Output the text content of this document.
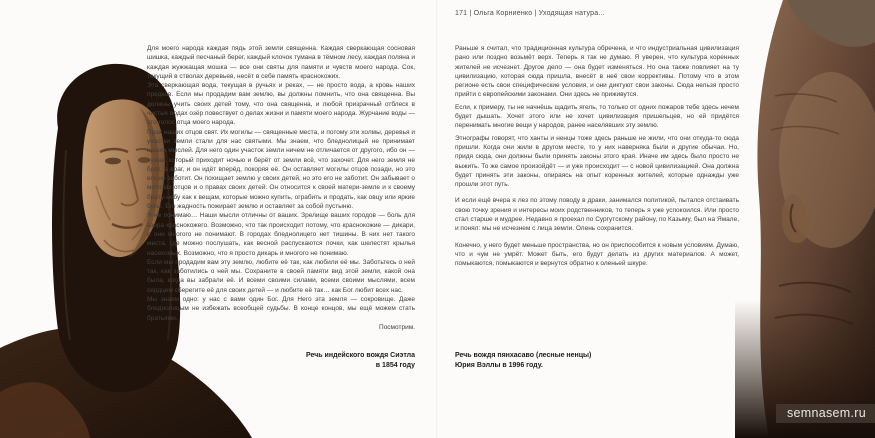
171 | Ольга Корниенко | Уходящая натура...

Для моего народа каждая пядь этой земли священна. Каждая сверкающая сосновая шишка, каждый песчаный берег, каждый клочок тумана в тёмном лесу, каждая поляна и каждая жужжащая мошка — все они святы для памяти и чувств моего народа. Сок, текущий в стволах деревьев, несёт в себе память краснокожих.

Эта сверкающая вода, текущая в ручьях и реках, — не просто вода, а кровь наших предков. Если мы продадим вам землю, вы должны помнить, что она священна. Вы должны учить своих детей тому, что она священна, и любой призрачный отблеск в чистых водах озёр повествует о делах жизни и памяти моего народа. Журчание воды — это голос отца моего народа.

Прах наших отцов свят. Их могилы — священные места, и потому эти холмы, деревья и участки земли стали для нас святыми. Мы знаем, что бледнолицый не принимает наших мыслей. Для него один участок земли ничем не отличается от другого, ибо он — чужак, который приходит ночью и берёт от земли всё, что захочет. Для него земля не брат, а враг, и он идёт вперёд, покоряя её. Он оставляет могилы отцов позади, но это его не заботит. Он похищает землю у своих детей, но это его не заботит. Он забывает о могилах отцов и о правах своих детей. Он относится к своей матери-земле и к своему брату-небу как к вещам, которые можно купить, ограбить и продать, как овцу или яркие бусы. Его жадность пожирает землю и оставляет за собой пустыню.

Я не понимаю… Наши мысли отличны от ваших. Зрелище ваших городов — боль для взора краснокожего. Возможно, что так происходит потому, что краснокожие — дикари, и они многого не понимают. В городах бледнолицего нет тишины. В них нет такого места, где можно послушать, как весной распускаются почки, как шелестят крылья насекомых. Возможно, что я просто дикарь и многого не понимаю.

Если мы продадим вам эту землю, любите её так, как любили её мы. Заботьтесь о ней так, как заботились о ней мы. Сохраните в своей памяти вид этой земли, какой она была, когда вы забрали её. И всеми своими силами, всеми своими мыслями, всем сердцем сберегите её для своих детей — и любите её так… как Бог любит всех нас.

Мы знаем одно: у нас с вами один Бог. Для Него эта земля — сокровище. Даже бледнолицым не избежать всеобщей судьбы. В конце концов, мы ещё можем стать братьями.

Посмотрим.

Речь индейского вождя Сиэтла
в 1854 году

Раньше я считал, что традиционная культура обречена, и что индустриальная цивилизация рано или поздно возьмёт верх. Теперь я так не думаю. Я уверен, что культура коренных жителей не исчезнет. Другое дело — она будет изменяться. Но она также повлияет на ту цивилизацию, которая сюда пришла, внесёт в неё свои коррективы. Потому что в этом регионе есть свои специфические условия, и они диктуют свои законы. Сюда нельзя просто прийти с европейскими законами. Они здесь не приживутся.

Если, к примеру, ты не начнёшь щадить ягель, то только от одних пожаров тебе здесь нечем будет дышать. Хочет этого или не хочет цивилизация пришельцев, но ей придётся перенимать многие вещи у народов, ранее населявших эту землю.

Этнографы говорят, что ханты и ненцы тоже здесь раньше не жили, что они откуда-то сюда пришли. Когда они жили в другом месте, то у них наверняка были и другие обычаи. Но, придя сюда, они должны были принять законы этого края. Иначе им здесь было просто не выжить. То же самое произойдёт — и уже происходит — с новой цивилизацией. Она должна будет принять эти законы, опираясь на опыт коренных жителей, которые однажды уже прошли этот путь.

И если ещё вчера я лез по этому поводу в драки, занимался политикой, пытался отстаивать свою точку зрения и интересы моих родственников, то теперь я уже успокоился. Или просто стал старше и мудрее. Недавно я проехал по Сургутскому району, по Казыму, был на Ямале, и понял: мы не исчезнем с лица земли. Олень сохранится.

Конечно, у него будет меньше пространства, но он приспособится к новым условиям. Думаю, что и чум не умрёт. Может быть, его будут делать из других материалов. А может, помыкаются, помыкаются и вернутся обратно к оленьей шкуре.

Речь вождя пянхасаво (лесные ненцы)
Юрия Вэллы в 1996 году.
semnasem.ru
